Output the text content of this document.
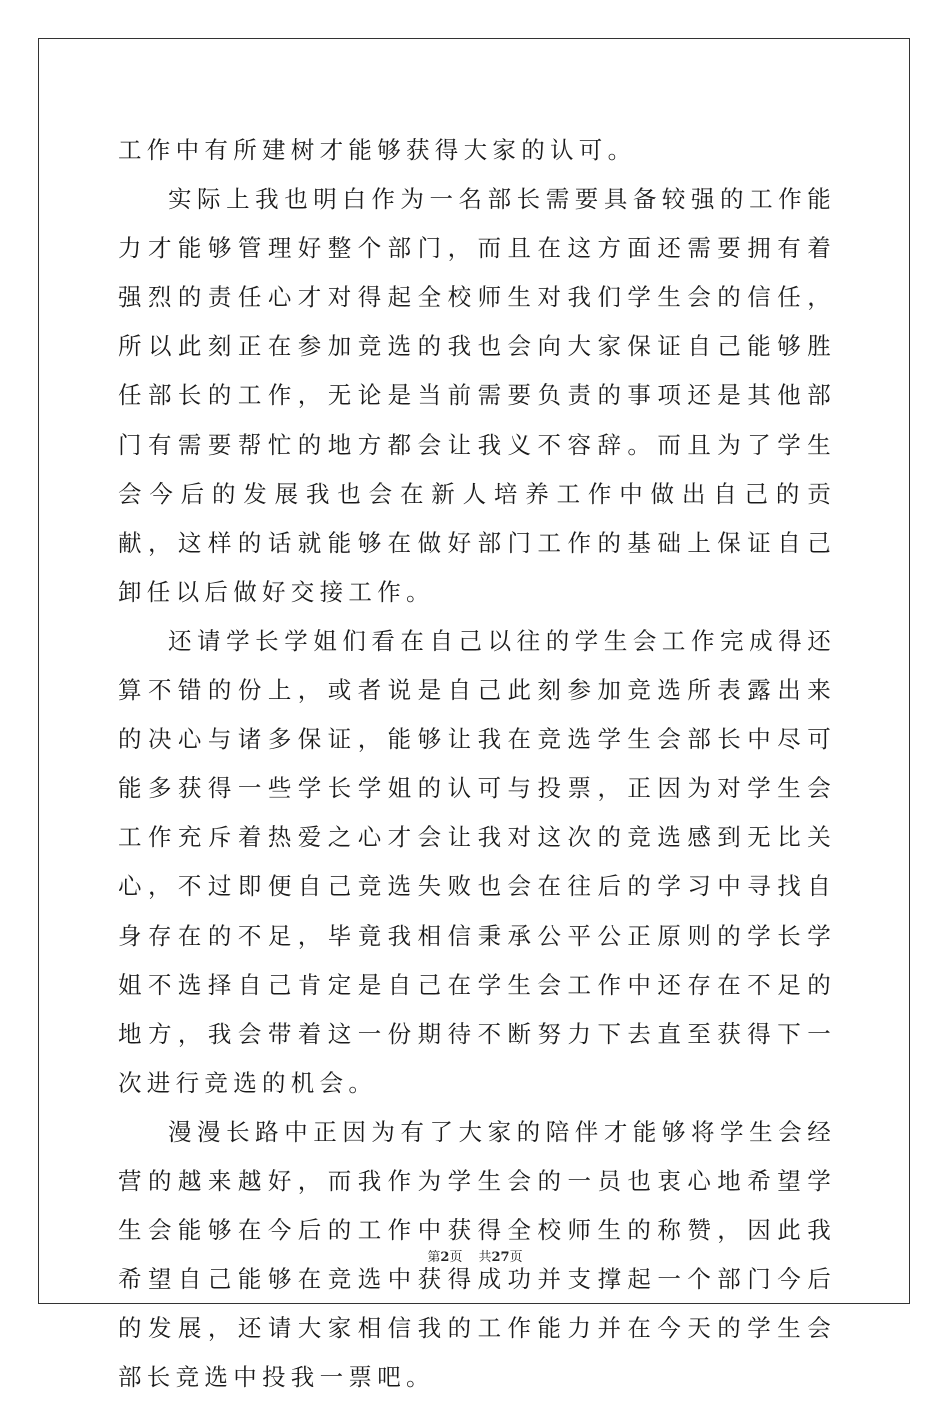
工作中有所建树才能够获得大家的认可。

实际上我也明白作为一名部长需要具备较强的工作能力才能够管理好整个部门，而且在这方面还需要拥有着强烈的责任心才对得起全校师生对我们学生会的信任，所以此刻正在参加竞选的我也会向大家保证自己能够胜任部长的工作，无论是当前需要负责的事项还是其他部门有需要帮忙的地方都会让我义不容辞。而且为了学生会今后的发展我也会在新人培养工作中做出自己的贡献，这样的话就能够在做好部门工作的基础上保证自己卸任以后做好交接工作。

还请学长学姐们看在自己以往的学生会工作完成得还算不错的份上，或者说是自己此刻参加竞选所表露出来的决心与诸多保证，能够让我在竞选学生会部长中尽可能多获得一些学长学姐的认可与投票，正因为对学生会工作充斥着热爱之心才会让我对这次的竞选感到无比关心，不过即便自己竞选失败也会在往后的学习中寻找自身存在的不足，毕竟我相信秉承公平公正原则的学长学姐不选择自己肯定是自己在学生会工作中还存在不足的地方，我会带着这一份期待不断努力下去直至获得下一次进行竞选的机会。

漫漫长路中正因为有了大家的陪伴才能够将学生会经营的越来越好，而我作为学生会的一员也衷心地希望学生会能够在今后的工作中获得全校师生的称赞，因此我希望自己能够在竞选中获得成功并支撑起一个部门今后的发展，还请大家相信我的工作能力并在今天的学生会部长竞选中投我一票吧。

第2页 共27页
